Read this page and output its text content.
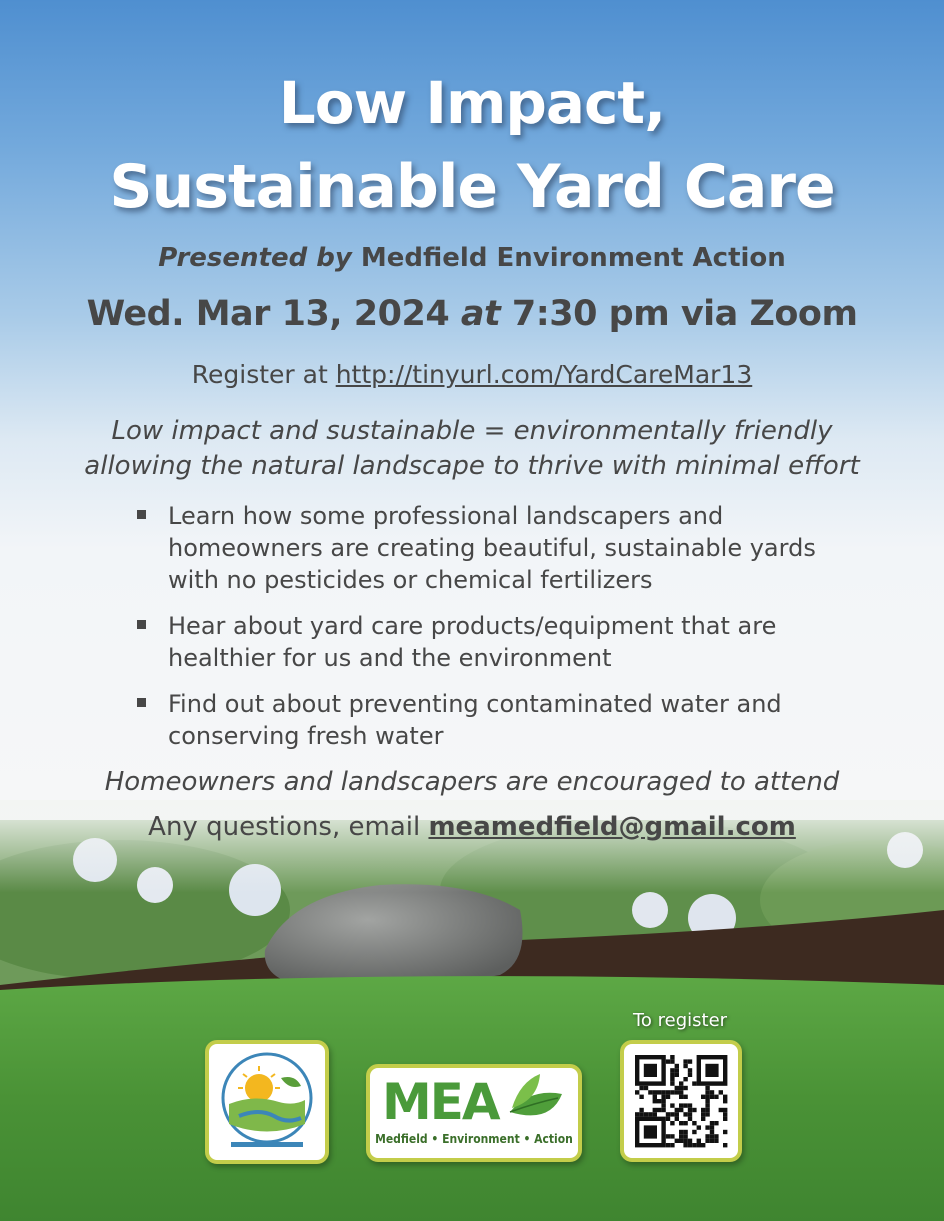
Low Impact,
Sustainable Yard Care
Presented by Medfield Environment Action
Wed. Mar 13, 2024 at 7:30 pm via Zoom
Register at http://tinyurl.com/YardCareMar13
Low impact and sustainable = environmentally friendly
allowing the natural landscape to thrive with minimal effort
Learn how some professional landscapers and homeowners are creating beautiful, sustainable yards with no pesticides or chemical fertilizers
Hear about yard care products/equipment that are healthier for us and the environment
Find out about preventing contaminated water and conserving fresh water
Homeowners and landscapers are encouraged to attend
Any questions, email meamedfield@gmail.com
To register
MEA
Medfield • Environment • Action
